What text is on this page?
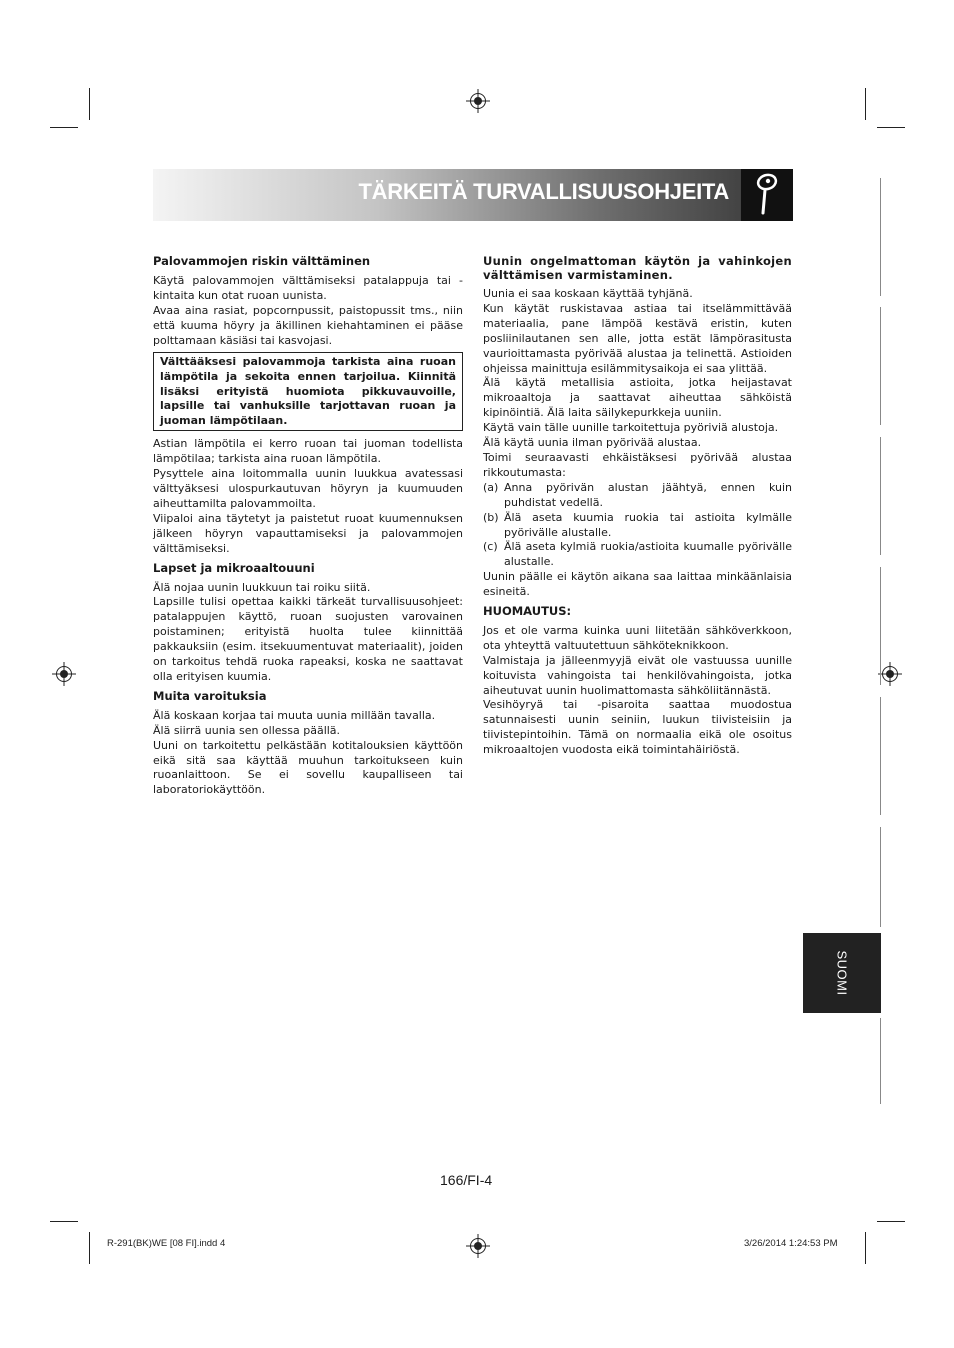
TÄRKEITÄ TURVALLISUUSOHJEITA

Palovammojen riskin välttäminen

Käytä palovammojen välttämiseksi patalappuja tai -kintaita kun otat ruoan uunista.

Avaa aina rasiat, popcornpussit, paistopussit tms., niin että kuuma höyry ja äkillinen kiehahtaminen ei pääse polttamaan käsiäsi tai kasvojasi.

Välttääksesi palovammoja tarkista aina ruoan lämpötila ja sekoita ennen tarjoilua. Kiinnitä lisäksi erityistä huomiota pikkuvauvoille, lapsille tai vanhuksille tarjottavan ruoan ja juoman lämpötilaan.

Astian lämpötila ei kerro ruoan tai juoman todellista lämpötilaa; tarkista aina ruoan lämpötila.

Pysyttele aina loitommalla uunin luukkua avatessasi välttyäksesi ulospurkautuvan höyryn ja kuumuuden aiheuttamilta palovammoilta.

Viipaloi aina täytetyt ja paistetut ruoat kuumennuksen jälkeen höyryn vapauttamiseksi ja palovammojen välttämiseksi.

Lapset ja mikroaaltouuni

Älä nojaa uunin luukkuun tai roiku siitä.

Lapsille tulisi opettaa kaikki tärkeät turvallisuusohjeet: patalappujen käyttö, ruoan suojusten varovainen poistaminen; erityistä huolta tulee kiinnittää pakkauksiin (esim. itsekuumentuvat materiaalit), joiden on tarkoitus tehdä ruoka rapeaksi, koska ne saattavat olla erityisen kuumia.

Muita varoituksia

Älä koskaan korjaa tai muuta uunia millään tavalla.

Älä siirrä uunia sen ollessa päällä.

Uuni on tarkoitettu pelkästään kotitalouksien käyttöön eikä sitä saa käyttää muuhun tarkoitukseen kuin ruoanlaittoon. Se ei sovellu kaupalliseen tai laboratoriokäyttöön.

Uunin ongelmattoman käytön ja vahinkojen välttämisen varmistaminen.

Uunia ei saa koskaan käyttää tyhjänä.

Kun käytät ruskistavaa astiaa tai itselämmittävää materiaalia, pane lämpöä kestävä eristin, kuten posliinilautanen sen alle, jotta estät lämpörasitusta vaurioittamasta pyörivää alustaa ja telinettä. Astioiden ohjeissa mainittuja esilämmitysaikoja ei saa ylittää.

Älä käytä metallisia astioita, jotka heijastavat mikroaaltoja ja saattavat aiheuttaa sähköistä kipinöintiä. Älä laita säilykepurkkeja uuniin.

Käytä vain tälle uunille tarkoitettuja pyöriviä alustoja.

Älä käytä uunia ilman pyörivää alustaa.

Toimi seuraavasti ehkäistäksesi pyörivää alustaa rikkoutumasta:

(a) Anna pyörivän alustan jäähtyä, ennen kuin puhdistat vedellä.
(b) Älä aseta kuumia ruokia tai astioita kylmälle pyörivälle alustalle.
(c) Älä aseta kylmiä ruokia/astioita kuumalle pyörivälle alustalle.

Uunin päälle ei käytön aikana saa laittaa minkäänlaisia esineitä.

HUOMAUTUS:

Jos et ole varma kuinka uuni liitetään sähköverkkoon, ota yhteyttä valtuutettuun sähköteknikkoon.

Valmistaja ja jälleenmyyjä eivät ole vastuussa uunille koituvista vahingoista tai henkilövahingoista, jotka aiheutuvat uunin huolimattomasta sähköliitännästä.

Vesihöyryä tai -pisaroita saattaa muodostua satunnaisesti uunin seiniin, luukun tiivisteisiin ja tiivistepintoihin. Tämä on normaalia eikä ole osoitus mikroaaltojen vuodosta eikä toimintahäiriöstä.

SUOMI
166/FI-4
R-291(BK)WE [08 FI].indd 4	3/26/2014 1:24:53 PM
